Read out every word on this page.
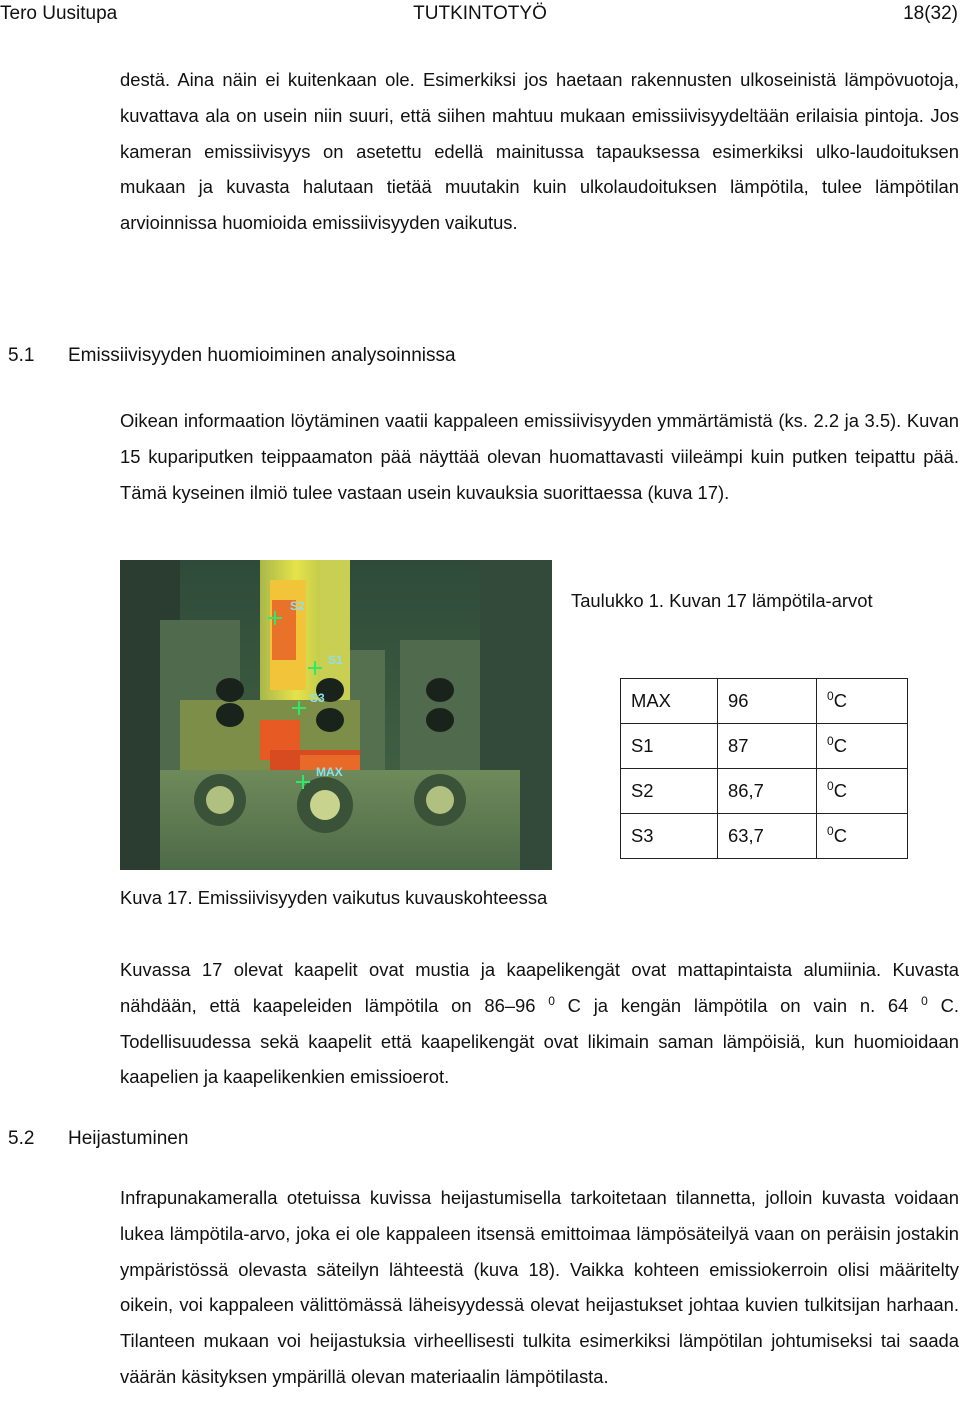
Tero Uusitupa	TUTKINTOTYÖ	18(32)

destä. Aina näin ei kuitenkaan ole. Esimerkiksi jos haetaan rakennusten ulkoseinistä lämpövuotoja, kuvattava ala on usein niin suuri, että siihen mahtuu mukaan emissiivisyydeltään erilaisia pintoja. Jos kameran emissiivisyys on asetettu edellä mainitussa tapauksessa esimerkiksi ulko-laudoituksen mukaan ja kuvasta halutaan tietää muutakin kuin ulkolaudoituksen lämpötila, tulee lämpötilan arvioinnissa huomioida emissiivisyyden vaikutus.

5.1 Emissiivisyyden huomioiminen analysoinnissa

Oikean informaation löytäminen vaatii kappaleen emissiivisyyden ymmärtämistä (ks. 2.2 ja 3.5). Kuvan 15 kupariputken teippaamaton pää näyttää olevan huomattavasti viileämpi kuin putken teipattu pää. Tämä kyseinen ilmiö tulee vastaan usein kuvauksia suorittaessa (kuva 17).

S2
S1
S3
MAX
Taulukko 1. Kuvan 17 lämpötila-arvot
MAX	96	$^0$C
S1	87	$^0$C
S2	86,7	$^0$C
S3	63,7	$^0$C
Kuva 17. Emissiivisyyden vaikutus kuvauskohteessa

Kuvassa 17 olevat kaapelit ovat mustia ja kaapelikengät ovat mattapintaista alumiinia. Kuvasta nähdään, että kaapeleiden lämpötila on 86–96 $^0$ C ja kengän lämpötila on vain n. 64 $^0$ C. Todellisuudessa sekä kaapelit että kaapelikengät ovat likimain saman lämpöisiä, kun huomioidaan kaapelien ja kaapelikenkien emissioerot.

5.2 Heijastuminen

Infrapunakameralla otetuissa kuvissa heijastumisella tarkoitetaan tilannetta, jolloin kuvasta voidaan lukea lämpötila-arvo, joka ei ole kappaleen itsensä emittoimaa lämpösäteilyä vaan on peräisin jostakin ympäristössä olevasta säteilyn lähteestä (kuva 18). Vaikka kohteen emissiokerroin olisi määritelty oikein, voi kappaleen välittömässä läheisyydessä olevat heijastukset johtaa kuvien tulkitsijan harhaan. Tilanteen mukaan voi heijastuksia virheellisesti tulkita esimerkiksi lämpötilan johtumiseksi tai saada väärän käsityksen ympärillä olevan materiaalin lämpötilasta.
